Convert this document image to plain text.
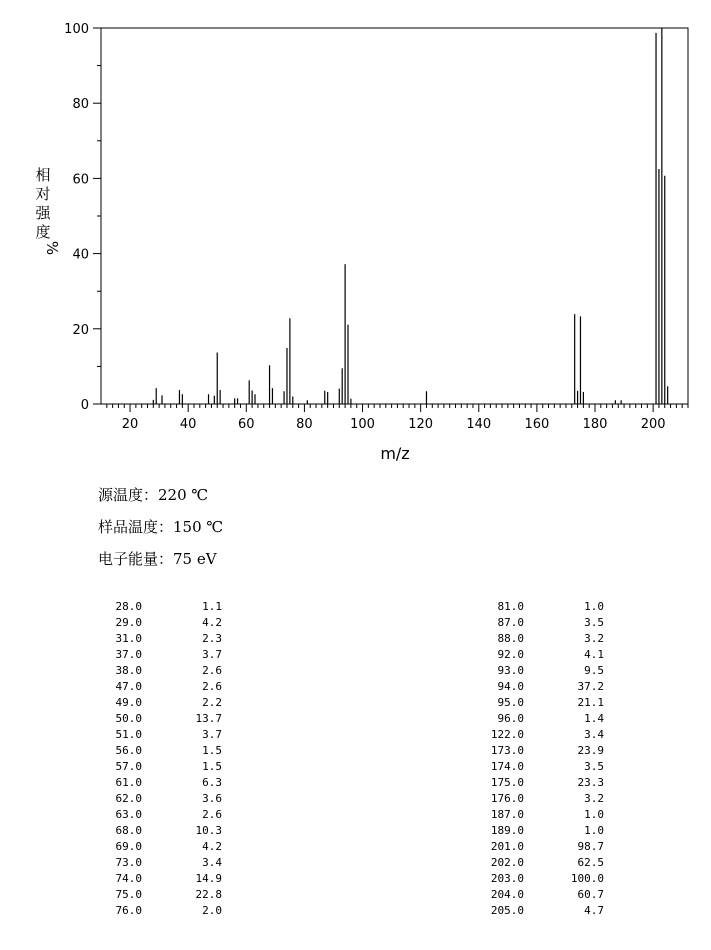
20	40	60	80	100	120	140	160	180	200
0
20
40
60
80
100
m/z
相
对
强
度
%
源温度：220 ℃
样品温度：150 ℃
电子能量：75 eV
28.0	1.1
29.0	4.2
31.0	2.3
37.0	3.7
38.0	2.6
47.0	2.6
49.0	2.2
50.0	13.7
51.0	3.7
56.0	1.5
57.0	1.5
61.0	6.3
62.0	3.6
63.0	2.6
68.0	10.3
69.0	4.2
73.0	3.4
74.0	14.9
75.0	22.8
76.0	2.0
81.0	1.0
87.0	3.5
88.0	3.2
92.0	4.1
93.0	9.5
94.0	37.2
95.0	21.1
96.0	1.4
122.0	3.4
173.0	23.9
174.0	3.5
175.0	23.3
176.0	3.2
187.0	1.0
189.0	1.0
201.0	98.7
202.0	62.5
203.0	100.0
204.0	60.7
205.0	4.7
